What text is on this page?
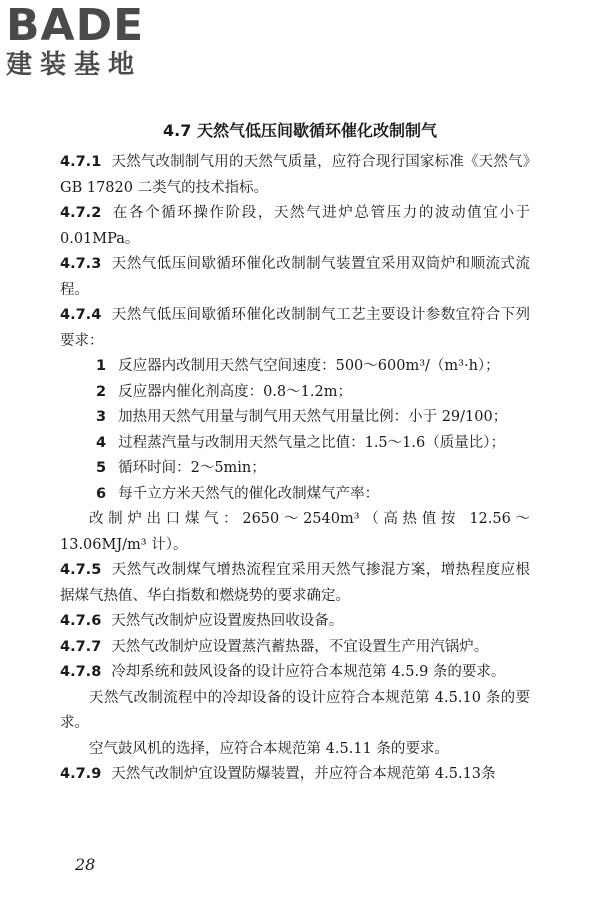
BADE
建装基地
4.7 天然气低压间歇循环催化改制制气

4.7.1 天然气改制制气用的天然气质量，应符合现行国家标准《天然气》GB 17820 二类气的技术指标。

4.7.2 在各个循环操作阶段，天然气进炉总管压力的波动值宜小于 0.01MPa。

4.7.3 天然气低压间歇循环催化改制制气装置宜采用双筒炉和顺流式流程。

4.7.4 天然气低压间歇循环催化改制制气工艺主要设计参数宜符合下列要求：

1 反应器内改制用天然气空间速度：500～600m³/（m³·h）；

2 反应器内催化剂高度：0.8～1.2m；

3 加热用天然气用量与制气用天然气用量比例：小于 29/100；

4 过程蒸汽量与改制用天然气量之比值：1.5～1.6（质量比）；

5 循环时间：2～5min；

6 每千立方米天然气的催化改制煤气产率：

改制炉出口煤气：2650～2540m³（高热值按 12.56～13.06MJ/m³ 计）。

4.7.5 天然气改制煤气增热流程宜采用天然气掺混方案，增热程度应根据煤气热值、华白指数和燃烧势的要求确定。

4.7.6 天然气改制炉应设置废热回收设备。

4.7.7 天然气改制炉应设置蒸汽蓄热器，不宜设置生产用汽锅炉。

4.7.8 冷却系统和鼓风设备的设计应符合本规范第 4.5.9 条的要求。

天然气改制流程中的冷却设备的设计应符合本规范第 4.5.10 条的要求。

空气鼓风机的选择，应符合本规范第 4.5.11 条的要求。

4.7.9 天然气改制炉宜设置防爆装置，并应符合本规范第 4.5.13条

28
